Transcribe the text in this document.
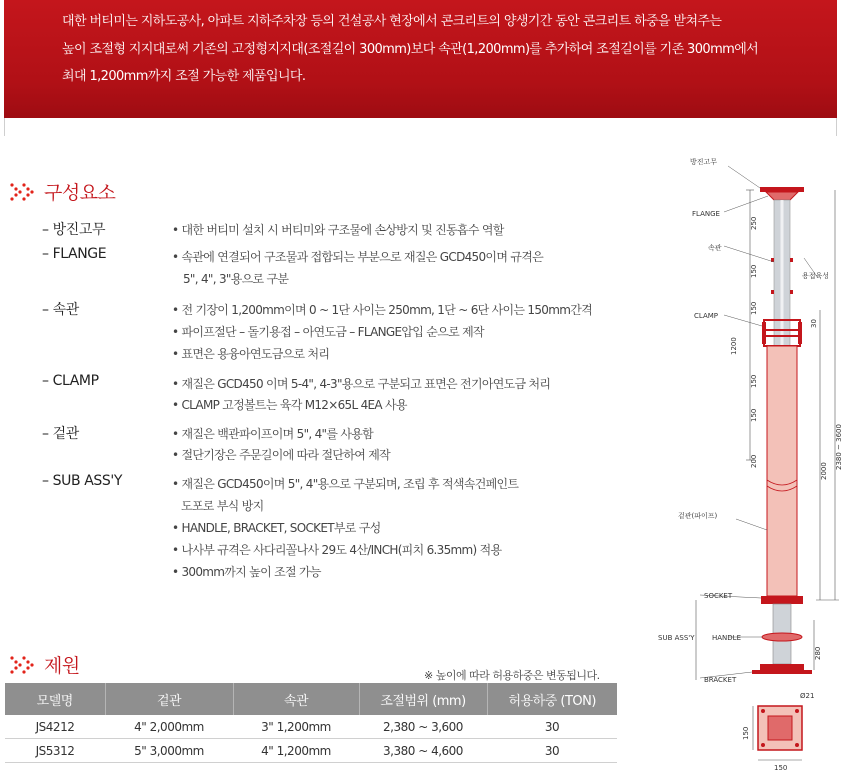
대한 버티미는 지하도공사, 아파트 지하주차장 등의 건설공사 현장에서 콘크리트의 양생기간 동안 콘크리트 하중을 받쳐주는
높이 조절형 지지대로써 기존의 고정형지지대(조절길이 300mm)보다 속관(1,200mm)를 추가하여 조절길이를 기존 300mm에서
최대 1,200mm까지 조절 가능한 제품입니다.
구성요소
– 방진고무	• 대한 버티미 설치 시 버티미와 구조물에 손상방지 및 진동흡수 역할
– FLANGE	• 속관에 연결되어 구조물과 접합되는 부분으로 재질은 GCD450이며 규격은
5", 4", 3"용으로 구분
– 속관	• 전 기장이 1,200mm이며 0 ~ 1단 사이는 250mm, 1단 ~ 6단 사이는 150mm간격
• 파이프절단 – 돌기용접 – 아연도금 – FLANGE압입 순으로 제작
• 표면은 용융아연도금으로 처리
– CLAMP	• 재질은 GCD450 이며 5-4", 4-3"용으로 구분되고 표면은 전기아연도금 처리
• CLAMP 고정볼트는 육각 M12×65L 4EA 사용
– 겉관	• 재질은 백관파이프이며 5", 4"를 사용함
• 절단기장은 주문길이에 따라 절단하여 제작
– SUB ASS'Y	• 재질은 GCD450이며 5", 4"용으로 구분되며, 조립 후 적색속건페인트
도포로 부식 방지
• HANDLE, BRACKET, SOCKET부로 구성
• 나사부 규격은 사다리꼴나사 29도 4산/INCH(피치 6.35mm) 적용
• 300mm까지 높이 조절 가능
제원	※ 높이에 따라 허용하중은 변동됩니다.
모델명	겉관	속관	조절범위 (mm)	허용하중 (TON)
JS4212	4" 2,000mm	3" 1,200mm	2,380 ~ 3,600	30
JS5312	5" 3,000mm	4" 1,200mm	3,380 ~ 4,600	30
방진고무
FLANGE
속관
용접육성
CLAMP
겉관(파이프)
SOCKET
SUB ASS'Y	HANDLE
BRACKET
250
150
150
150
150
200
1200
30
2000
2380 ~ 3600
280
150
Ø21
150
